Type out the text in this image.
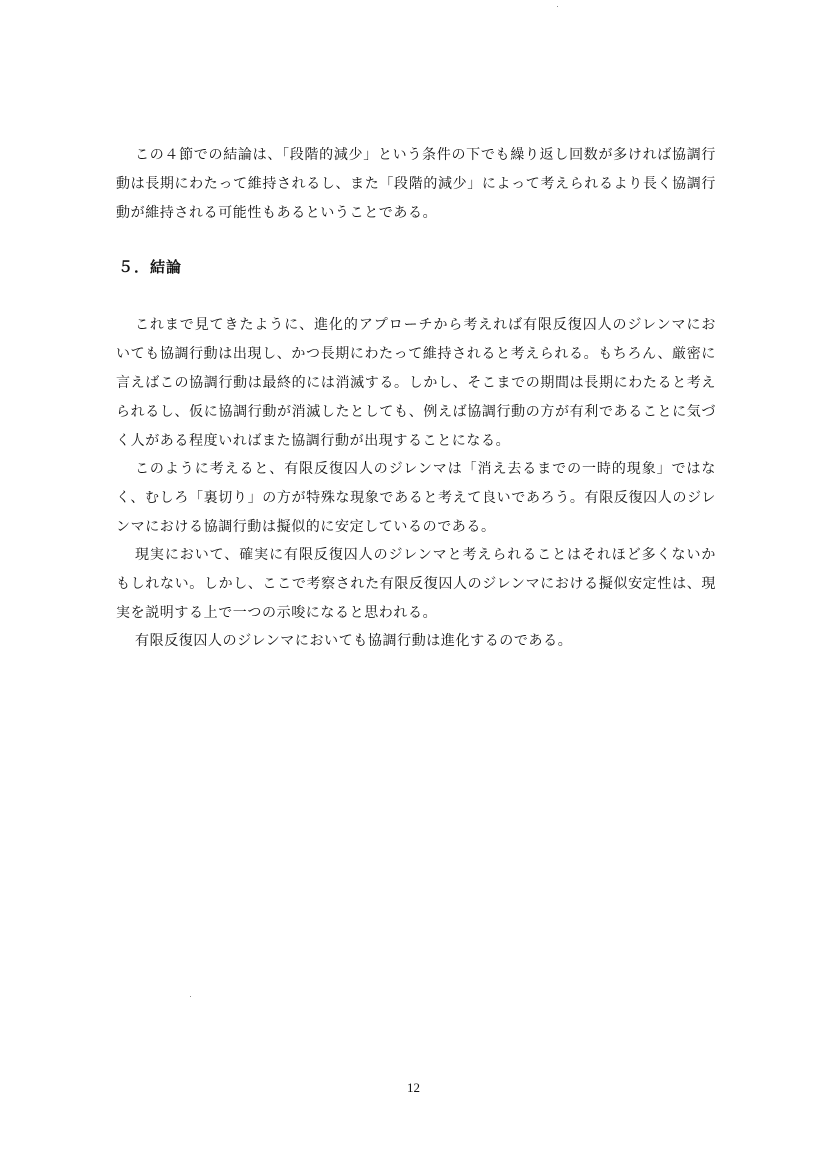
この４節での結論は、「段階的減少」という条件の下でも繰り返し回数が多ければ協調行動は長期にわたって維持されるし、また「段階的減少」によって考えられるより長く協調行動が維持される可能性もあるということである。

５．結論

これまで見てきたように、進化的アプローチから考えれば有限反復囚人のジレンマにおいても協調行動は出現し、かつ長期にわたって維持されると考えられる。もちろん、厳密に言えばこの協調行動は最終的には消滅する。しかし、そこまでの期間は長期にわたると考えられるし、仮に協調行動が消滅したとしても、例えば協調行動の方が有利であることに気づく人がある程度いればまた協調行動が出現することになる。

このように考えると、有限反復囚人のジレンマは「消え去るまでの一時的現象」ではなく、むしろ「裏切り」の方が特殊な現象であると考えて良いであろう。有限反復囚人のジレンマにおける協調行動は擬似的に安定しているのである。

現実において、確実に有限反復囚人のジレンマと考えられることはそれほど多くないかもしれない。しかし、ここで考察された有限反復囚人のジレンマにおける擬似安定性は、現実を説明する上で一つの示唆になると思われる。

有限反復囚人のジレンマにおいても協調行動は進化するのである。

12
